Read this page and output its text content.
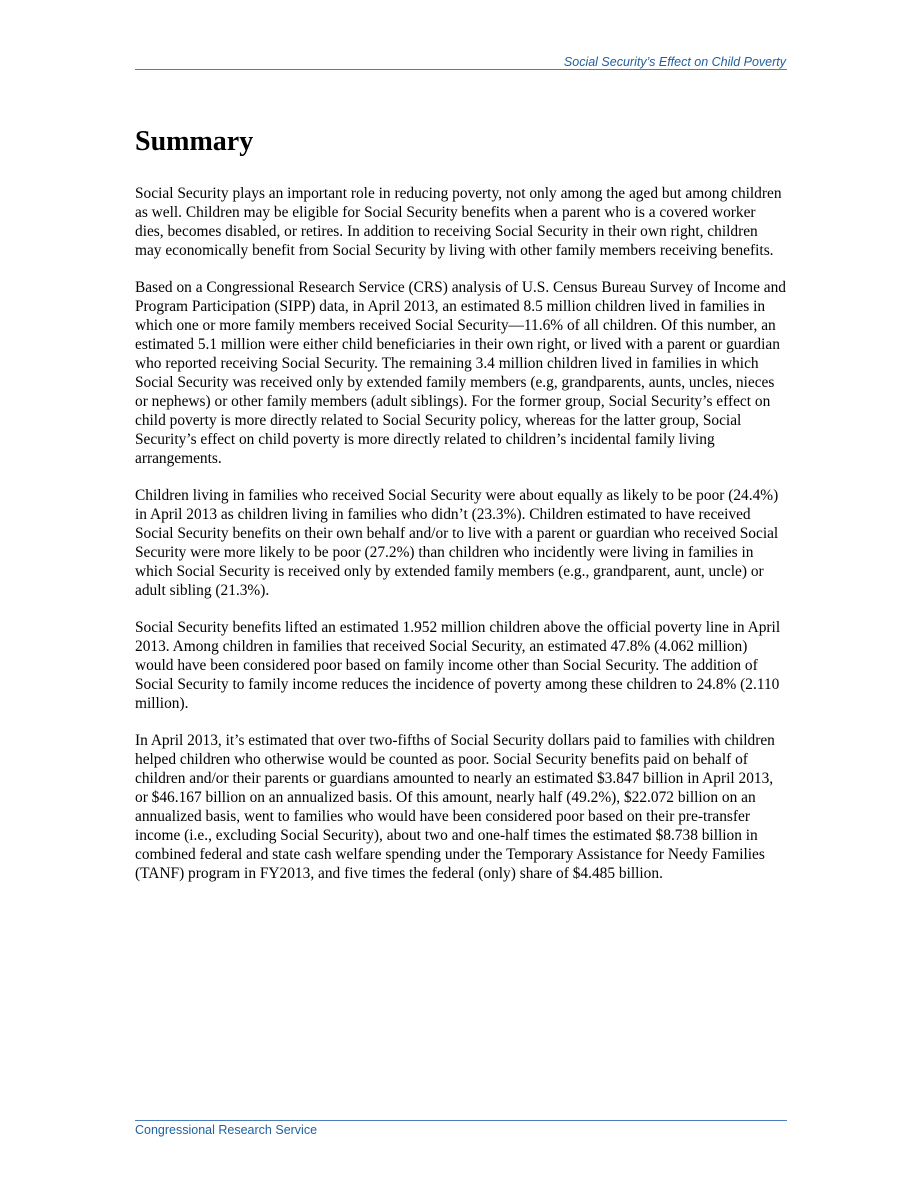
Social Security’s Effect on Child Poverty
Summary

Social Security plays an important role in reducing poverty, not only among the aged but among children as well. Children may be eligible for Social Security benefits when a parent who is a covered worker dies, becomes disabled, or retires. In addition to receiving Social Security in their own right, children may economically benefit from Social Security by living with other family members receiving benefits.

Based on a Congressional Research Service (CRS) analysis of U.S. Census Bureau Survey of Income and Program Participation (SIPP) data, in April 2013, an estimated 8.5 million children lived in families in which one or more family members received Social Security—11.6% of all children. Of this number, an estimated 5.1 million were either child beneficiaries in their own right, or lived with a parent or guardian who reported receiving Social Security. The remaining 3.4 million children lived in families in which Social Security was received only by extended family members (e.g, grandparents, aunts, uncles, nieces or nephews) or other family members (adult siblings). For the former group, Social Security’s effect on child poverty is more directly related to Social Security policy, whereas for the latter group, Social Security’s effect on child poverty is more directly related to children’s incidental family living arrangements.

Children living in families who received Social Security were about equally as likely to be poor (24.4%) in April 2013 as children living in families who didn’t (23.3%). Children estimated to have received Social Security benefits on their own behalf and/or to live with a parent or guardian who received Social Security were more likely to be poor (27.2%) than children who incidently were living in families in which Social Security is received only by extended family members (e.g., grandparent, aunt, uncle) or adult sibling (21.3%).

Social Security benefits lifted an estimated 1.952 million children above the official poverty line in April 2013. Among children in families that received Social Security, an estimated 47.8% (4.062 million) would have been considered poor based on family income other than Social Security. The addition of Social Security to family income reduces the incidence of poverty among these children to 24.8% (2.110 million).

In April 2013, it’s estimated that over two-fifths of Social Security dollars paid to families with children helped children who otherwise would be counted as poor. Social Security benefits paid on behalf of children and/or their parents or guardians amounted to nearly an estimated $3.847 billion in April 2013, or $46.167 billion on an annualized basis. Of this amount, nearly half (49.2%), $22.072 billion on an annualized basis, went to families who would have been considered poor based on their pre-transfer income (i.e., excluding Social Security), about two and one-half times the estimated $8.738 billion in combined federal and state cash welfare spending under the Temporary Assistance for Needy Families (TANF) program in FY2013, and five times the federal (only) share of $4.485 billion.

Congressional Research Service
